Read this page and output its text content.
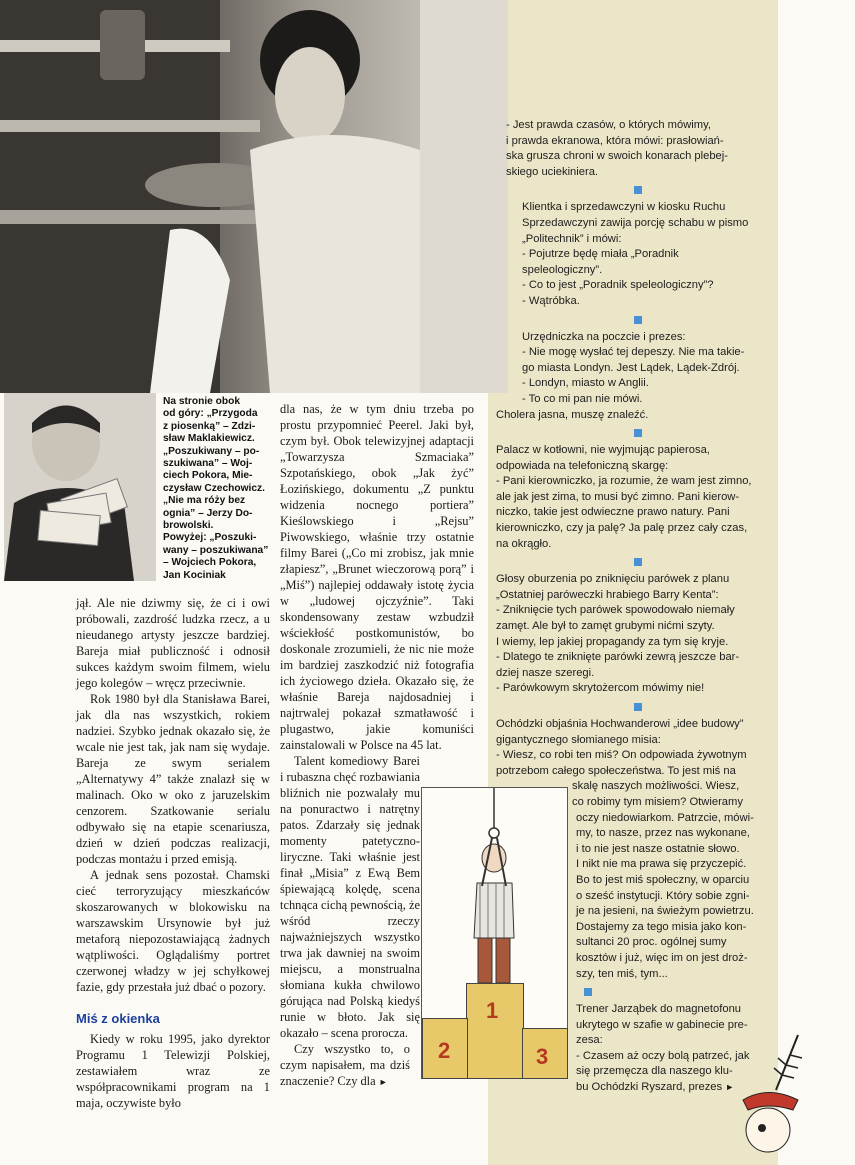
Na stronie obok

od góry: „Przygoda

z piosenką” – Zdzi-

sław Maklakiewicz.

„Poszukiwany – po-

szukiwana” – Woj-

ciech Pokora, Mie-

czysław Czechowicz.

„Nie ma róży bez

ognia” – Jerzy Do-

browolski.

Powyżej: „Poszuki-

wany – poszukiwana”

– Wojciech Pokora,

Jan Kociniak

jął. Ale nie dziwmy się, że ci i owi próbowali, zazdrość ludzka rzecz, a u nieudanego artysty jeszcze bardziej. Bareja miał publiczność i odnosił sukces każdym swoim filmem, wielu jego kolegów – wręcz przeciwnie.

Rok 1980 był dla Stanisława Barei, jak dla nas wszystkich, rokiem nadziei. Szybko jednak okazało się, że wcale nie jest tak, jak nam się wydaje. Bareja ze swym serialem „Alternatywy 4” także znalazł się w malinach. Oko w oko z jaruzelskim cenzorem. Szatkowanie serialu odbywało się na etapie scenariusza, dzień w dzień podczas realizacji, podczas montażu i przed emisją.

A jednak sens pozostał. Chamski cieć terroryzujący mieszkańców skoszarowanych w blokowisku na warszawskim Ursynowie był już metaforą niepozostawiającą żadnych wątpliwości. Oglądaliśmy portret czerwonej władzy w jej schyłkowej fazie, gdy przestała już dbać o pozory.

Miś z okienka

Kiedy w roku 1995, jako dyrektor Programu 1 Telewizji Polskiej, zestawiałem wraz ze współpracownikami program na 1 maja, oczywiste było

dla nas, że w tym dniu trzeba po prostu przypomnieć Peerel. Jaki był, czym był. Obok telewizyjnej adaptacji „Towarzysza Szmaciaka” Szpotańskiego, obok „Jak żyć” Łozińskiego, dokumentu „Z punktu widzenia nocnego portiera” Kieślowskiego i „Rejsu” Piwowskiego, właśnie trzy ostatnie filmy Barei („Co mi zrobisz, jak mnie złapiesz”, „Brunet wieczorową porą” i „Miś”) najlepiej oddawały istotę życia w „ludowej ojczyźnie”. Taki skondensowany zestaw wzbudził wściekłość postkomunistów, bo doskonale zrozumieli, że nic nie może im bardziej zaszkodzić niż fotografia ich życiowego dzieła. Okazało się, że właśnie Bareja najdosadniej i najtrwalej pokazał szmatławość i plugastwo, jakie komuniści zainstalowali w Polsce na 45 lat.

Talent komediowy Barei i rubaszna chęć rozbawiania bliźnich nie pozwalały mu na ponuractwo i natrętny patos. Zdarzały się jednak momenty patetyczno-liryczne. Taki właśnie jest finał „Misia” z Ewą Bem śpiewającą kolędę, scena tchnąca cichą pewnością, że wśród rzeczy najważniejszych wszystko trwa jak dawniej na swoim miejscu, a monstrualna słomiana kukła chwilowo górująca nad Polską kiedyś runie w błoto. Jak się okazało – scena prorocza.

Czy wszystko to, o czym napisałem, ma dziś znaczenie? Czy dla ►

1
2	3

- Jest prawda czasów, o których mówimy,

i prawda ekranowa, która mówi: prasłowiań-

ska grusza chroni w swoich konarach plebej-

skiego uciekiniera.

Klientka i sprzedawczyni w kiosku Ruchu

Sprzedawczyni zawija porcję schabu w pismo

„Politechnik” i mówi:

- Pojutrze będę miała „Poradnik

speleologiczny”.

- Co to jest „Poradnik speleologiczny”?

- Wątróbka.

Urzędniczka na poczcie i prezes:

- Nie mogę wysłać tej depeszy. Nie ma takie-

go miasta Londyn. Jest Lądek, Lądek-Zdrój.

- Londyn, miasto w Anglii.

- To co mi pan nie mówi.

Cholera jasna, muszę znaleźć.

Palacz w kotłowni, nie wyjmując papierosa,

odpowiada na telefoniczną skargę:

- Pani kierowniczko, ja rozumie, że wam jest zimno,

ale jak jest zima, to musi być zimno. Pani kierow-

niczko, takie jest odwieczne prawo natury. Pani

kierowniczko, czy ja palę? Ja palę przez cały czas,

na okrągło.

Głosy oburzenia po zniknięciu parówek z planu

„Ostatniej parówеczki hrabiego Barry Kenta”:

- Zniknięcie tych parówek spowodowało niemały

zamęt. Ale był to zamęt grubymi nićmi szyty.

I wiemy, lep jakiej propagandy za tym się kryje.

- Dlatego te zniknięte parówki zewrą jeszcze bar-

dziej nasze szeregi.

- Parówkowym skrytożercom mówimy nie!

Ochódzki objaśnia Hochwanderowi „idee budowy”

gigantycznego słomianego misia:

- Wiesz, co robi ten miś? On odpowiada żywotnym

potrzebom całego społeczeństwa. To jest miś na

skalę naszych możliwości. Wiesz,

co robimy tym misiem? Otwieramy

oczy niedowiarkom. Patrzcie, mówi-

my, to nasze, przez nas wykonane,

i to nie jest nasze ostatnie słowo.

I nikt nie ma prawa się przyczepić.

Bo to jest miś społeczny, w oparciu

o sześć instytucji. Który sobie zgni-

je na jesieni, na świeżym powietrzu.

Dostajemy za tego misia jako kon-

sultanci 20 proc. ogólnej sumy

kosztów i już, więc im on jest droż-

szy, ten miś, tym...

Trener Jarząbek do magnetofonu

ukrytego w szafie w gabinecie pre-

zesa:

- Czasem aż oczy bolą patrzeć, jak

się przemęcza dla naszego klu-

bu Ochódzki Ryszard, prezes ►
